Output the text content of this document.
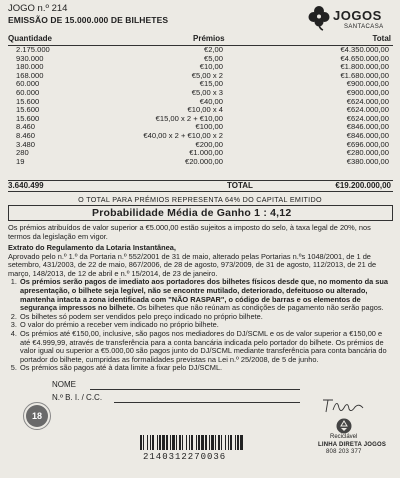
JOGO n.º 214
EMISSÃO DE 15.000.000 DE BILHETES	JOGOS
SANTACASA
Quantidade	Prémios	Total
2.175.000	€2,00	€4.350.000,00
930.000	€5,00	€4.650.000,00
180.000	€10,00	€1.800.000,00
168.000	€5,00 x 2	€1.680.000,00
60.000	€15,00	€900.000,00
60.000	€5,00 x 3	€900.000,00
15.600	€40,00	€624.000,00
15.600	€10,00 x 4	€624.000,00
15.600	€15,00 x 2 + €10,00	€624.000,00
8.460	€100,00	€846.000,00
8.460	€40,00 x 2 + €10,00 x 2	€846.000,00
3.480	€200,00	€696.000,00
280	€1.000,00	€280.000,00
19	€20.000,00	€380.000,00
3.640.499	TOTAL	€19.200.000,00
O TOTAL PARA PRÉMIOS REPRESENTA 64% DO CAPITAL EMITIDO
Probabilidade Média de Ganho 1 : 4,12

Os prémios atribuídos de valor superior a €5.000,00 estão sujeitos a imposto do selo, à taxa legal de 20%, nos termos da legislação em vigor.

Extrato do Regulamento da Lotaria Instantânea,

Aprovado pelo n.º 1.º da Portaria n.º 552/2001 de 31 de maio, alterado pelas Portarias n.ºs 1048/2001, de 1 de setembro, 431/2003, de 22 de maio, 867/2006, de 28 de agosto, 973/2009, de 31 de agosto, 112/2013, de 21 de março, 148/2013, de 12 de abril e n.º 15/2014, de 23 de janeiro.

1. Os prémios serão pagos de imediato aos portadores dos bilhetes físicos desde que, no momento da sua apresentação, o bilhete seja legível, não se encontre mutilado, deteriorado, defeituoso ou alterado, mantenha intacta a zona identificada com "NÃO RASPAR", o código de barras e os elementos de segurança impressos no bilhete. Os bilhetes que não reúnam as condições de pagamento não serão pagos.
2. Os bilhetes só podem ser vendidos pelo preço indicado no próprio bilhete.
3. O valor do prémio a receber vem indicado no próprio bilhete.
4. Os prémios até €150,00, inclusive, são pagos nos mediadores do DJ/SCML e os de valor superior a €150,00 e até €4.999,99, através de transferência para a conta bancária indicada pelo portador do bilhete. Os prémios de valor igual ou superior a €5.000,00 são pagos junto do DJ/SCML mediante transferência para conta bancária do portador do bilhete, cumpridas as formalidades previstas na Lei n.º 25/2008, de 5 de junho.
5. Os prémios são pagos até à data limite a fixar pelo DJ/SCML.
NOME
N.º B. I. / C.C.
18
2140312270036
Reciclável
LINHA DIRETA JOGOS
808 203 377
